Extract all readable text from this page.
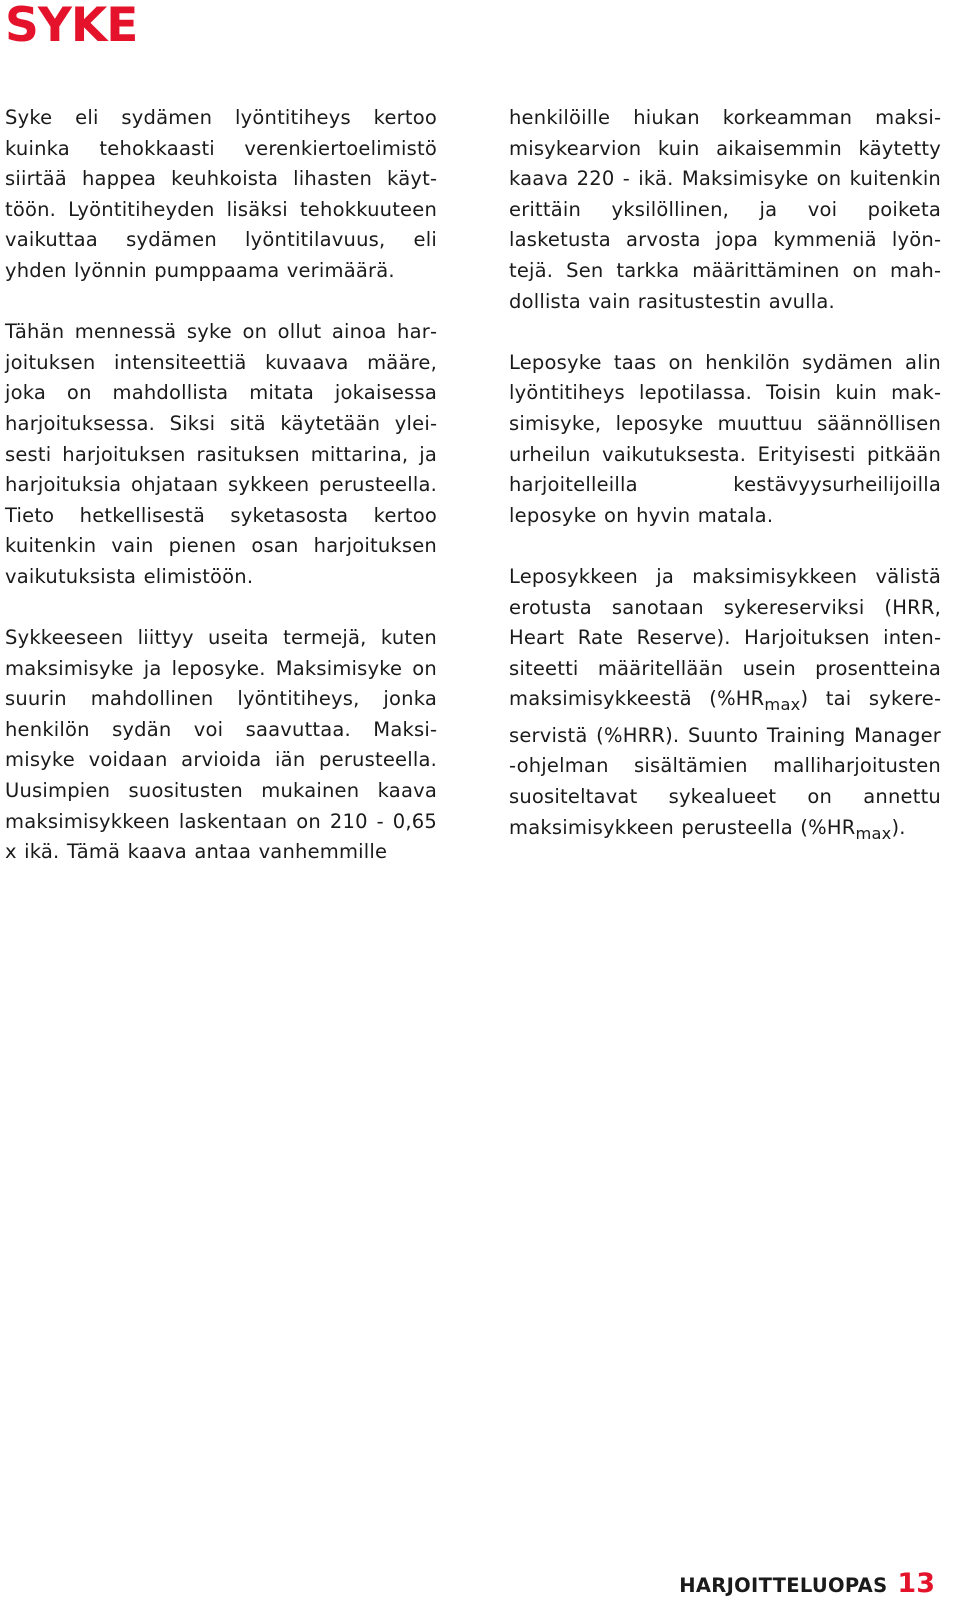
SYKE

Syke eli sydämen lyöntitiheys kertoo kuinka tehokkaasti verenkiertoelimistö siirtää happea keuhkoista lihasten käyttöön. Lyöntitiheyden lisäksi tehokkuuteen vaikuttaa sydämen lyöntitilavuus, eli yhden lyönnin pumppaama verimäärä.

Tähän mennessä syke on ollut ainoa harjoituksen intensiteettiä kuvaava määre, joka on mahdollista mitata jokaisessa harjoituksessa. Siksi sitä käytetään yleisesti harjoituksen rasituksen mittarina, ja harjoituksia ohjataan sykkeen perusteella. Tieto hetkellisestä syketasosta kertoo kuitenkin vain pienen osan harjoituksen vaikutuksista elimistöön.

Sykkeeseen liittyy useita termejä, kuten maksimisyke ja leposyke. Maksimisyke on suurin mahdollinen lyöntitiheys, jonka henkilön sydän voi saavuttaa. Maksimisyke voidaan arvioida iän perusteella. Uusimpien suositusten mukainen kaava maksimisykkeen laskentaan on 210 - 0,65 x ikä. Tämä kaava antaa vanhemmille

henkilöille hiukan korkeamman maksimisykearvion kuin aikaisemmin käytetty kaava 220 - ikä. Maksimisyke on kuitenkin erittäin yksilöllinen, ja voi poiketa lasketusta arvosta jopa kymmeniä lyöntejä. Sen tarkka määrittäminen on mahdollista vain rasitustestin avulla.

Leposyke taas on henkilön sydämen alin lyöntitiheys lepotilassa. Toisin kuin maksimisyke, leposyke muuttuu säännöllisen urheilun vaikutuksesta. Erityisesti pitkään harjoitelleilla kestävyysurheilijoilla leposyke on hyvin matala.

Leposykkeen ja maksimisykkeen välistä erotusta sanotaan sykereserviksi (HRR, Heart Rate Reserve). Harjoituksen intensiteetti määritellään usein prosentteina maksimisykkeestä $(\%HR_{max})$ tai sykereservistä (%HRR). Suunto Training Manager -ohjelman sisältämien malliharjoitusten suositeltavat sykealueet on annettu maksimisykkeen perusteella $(\%HR_{max})$.

HARJOITTELUOPAS 13
